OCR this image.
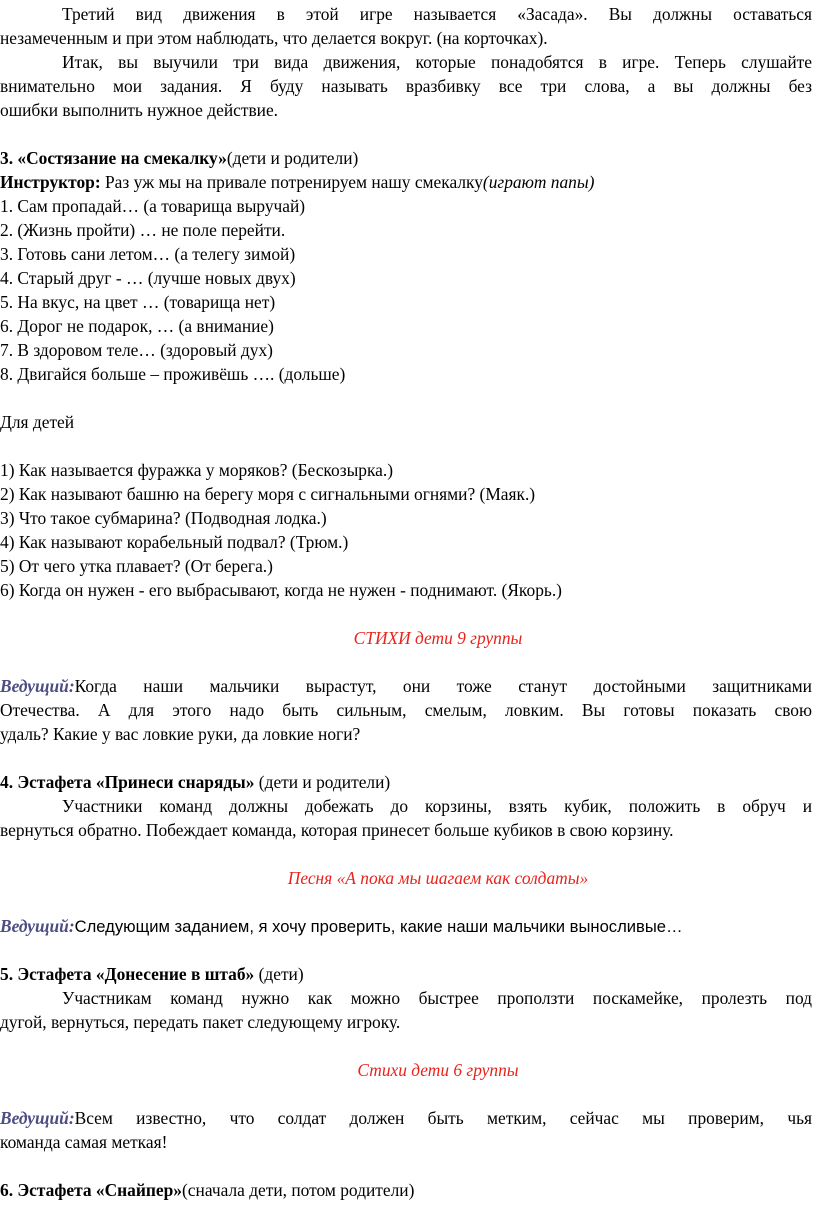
Третий вид движения в этой игре называется «Засада». Вы должны оставаться

незамеченным и при этом наблюдать, что делается вокруг. (на корточках).

Итак, вы выучили три вида движения, которые понадобятся в игре. Теперь слушайте

внимательно мои задания. Я буду называть вразбивку все три слова, а вы должны без

ошибки выполнить нужное действие.

3. «Состязание на смекалку»(дети и родители)

Инструктор: Раз уж мы на привале потренируем нашу смекалку(играют папы)

1. Сам пропадай… (а товарища выручай)

2. (Жизнь пройти) … не поле перейти.

3. Готовь сани летом… (а телегу зимой)

4. Старый друг - … (лучше новых двух)

5. На вкус, на цвет … (товарища нет)

6. Дорог не подарок, … (а внимание)

7. В здоровом теле… (здоровый дух)

8. Двигайся больше – проживёшь …. (дольше)

Для детей

1) Как называется фуражка у моряков? (Бескозырка.)

2) Как называют башню на берегу моря с сигнальными огнями? (Маяк.)

3) Что такое субмарина? (Подводная лодка.)

4) Как называют корабельный подвал? (Трюм.)

5) От чего утка плавает? (От берега.)

6) Когда он нужен - его выбрасывают, когда не нужен - поднимают. (Якорь.)

СТИХИ дети 9 группы

Ведущий:Когда наши мальчики вырастут, они тоже станут достойными защитниками

Отечества. А для этого надо быть сильным, смелым, ловким. Вы готовы показать свою

удаль? Какие у вас ловкие руки, да ловкие ноги?

4. Эстафета «Принеси снаряды» (дети и родители)

Участники команд должны добежать до корзины, взять кубик, положить в обруч и

вернуться обратно. Побеждает команда, которая принесет больше кубиков в свою корзину.

Песня «А пока мы шагаем как солдаты»

Ведущий:Следующим заданием, я хочу проверить, какие наши мальчики выносливые…

5. Эстафета «Донесение в штаб» (дети)

Участникам команд нужно как можно быстрее проползти поскамейке, пролезть под

дугой, вернуться, передать пакет следующему игроку.

Стихи дети 6 группы

Ведущий:Всем известно, что солдат должен быть метким, сейчас мы проверим, чья

команда самая меткая!

6. Эстафета «Снайпер»(сначала дети, потом родители)
